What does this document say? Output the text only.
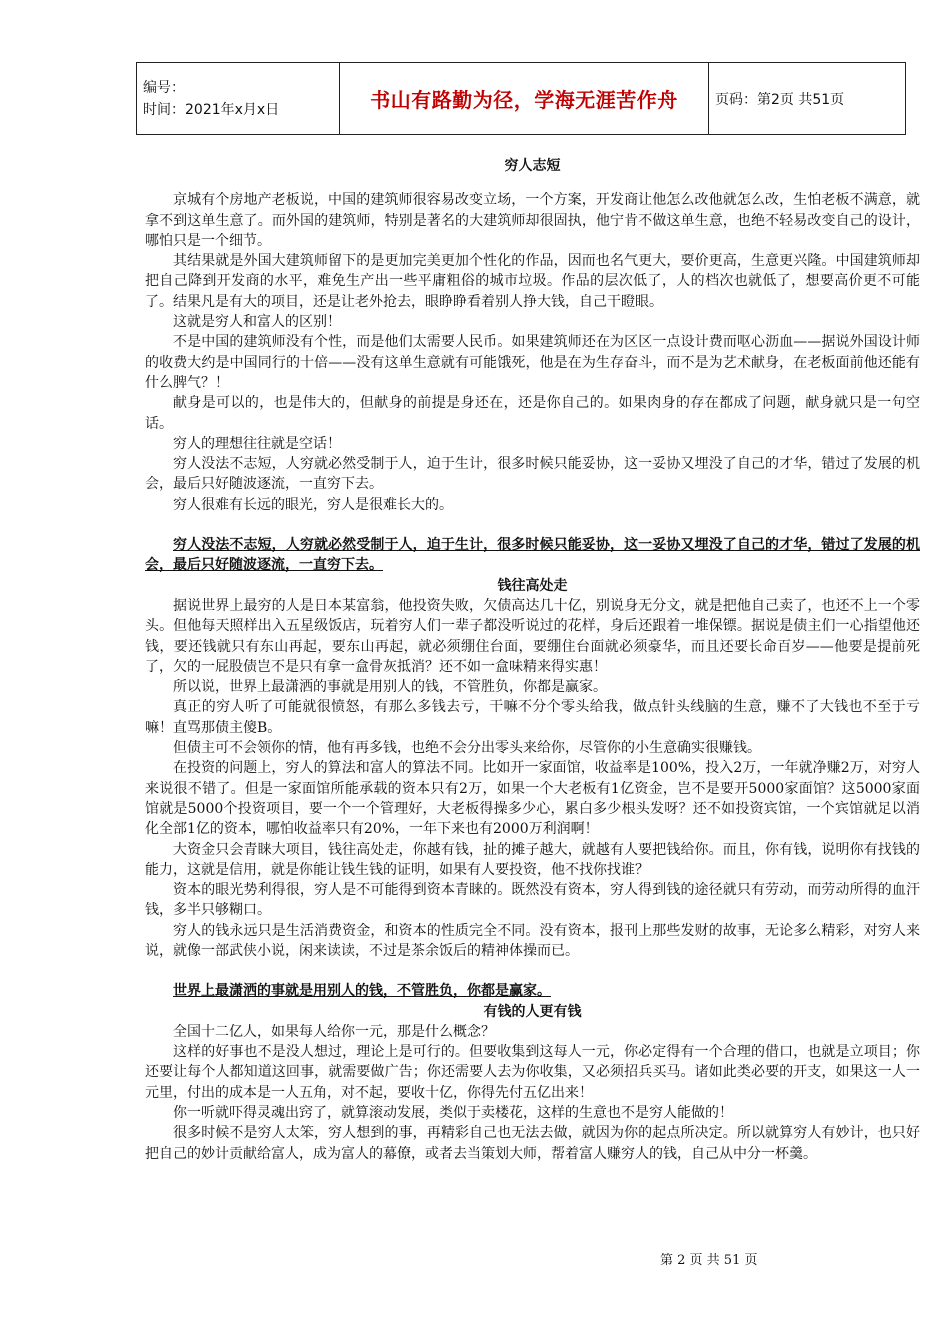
编号：
时间：2021年x月x日	书山有路勤为径，学海无涯苦作舟	页码：第2页 共51页
穷人志短

京城有个房地产老板说，中国的建筑师很容易改变立场，一个方案，开发商让他怎么改他就怎么改，生怕老板不满意，就拿不到这单生意了。而外国的建筑师，特别是著名的大建筑师却很固执，他宁肯不做这单生意，也绝不轻易改变自己的设计，哪怕只是一个细节。

其结果就是外国大建筑师留下的是更加完美更加个性化的作品，因而也名气更大，要价更高，生意更兴隆。中国建筑师却把自己降到开发商的水平，难免生产出一些平庸粗俗的城市垃圾。作品的层次低了，人的档次也就低了，想要高价更不可能了。结果凡是有大的项目，还是让老外抢去，眼睁睁看着别人挣大钱，自己干瞪眼。

这就是穷人和富人的区别！

不是中国的建筑师没有个性，而是他们太需要人民币。如果建筑师还在为区区一点设计费而呕心沥血——据说外国设计师的收费大约是中国同行的十倍——没有这单生意就有可能饿死，他是在为生存奋斗，而不是为艺术献身，在老板面前他还能有什么脾气？！

献身是可以的，也是伟大的，但献身的前提是身还在，还是你自己的。如果肉身的存在都成了问题，献身就只是一句空话。

穷人的理想往往就是空话！

穷人没法不志短，人穷就必然受制于人，迫于生计，很多时候只能妥协，这一妥协又埋没了自己的才华，错过了发展的机会，最后只好随波逐流，一直穷下去。

穷人很难有长远的眼光，穷人是很难长大的。

穷人没法不志短，人穷就必然受制于人，迫于生计，很多时候只能妥协，这一妥协又埋没了自己的才华，错过了发展的机会，最后只好随波逐流，一直穷下去。

钱往高处走

据说世界上最穷的人是日本某富翁，他投资失败，欠债高达几十亿，别说身无分文，就是把他自己卖了，也还不上一个零头。但他每天照样出入五星级饭店，玩着穷人们一辈子都没听说过的花样，身后还跟着一堆保镖。据说是债主们一心指望他还钱，要还钱就只有东山再起，要东山再起，就必须绷住台面，要绷住台面就必须豪华，而且还要长命百岁——他要是提前死了，欠的一屁股债岂不是只有拿一盒骨灰抵消？还不如一盒味精来得实惠！

所以说，世界上最潇洒的事就是用别人的钱，不管胜负，你都是赢家。

真正的穷人听了可能就很愤怒，有那么多钱去亏，干嘛不分个零头给我，做点针头线脑的生意，赚不了大钱也不至于亏嘛！直骂那债主傻B。

但债主可不会领你的情，他有再多钱，也绝不会分出零头来给你，尽管你的小生意确实很赚钱。

在投资的问题上，穷人的算法和富人的算法不同。比如开一家面馆，收益率是100%，投入2万，一年就净赚2万，对穷人来说很不错了。但是一家面馆所能承载的资本只有2万，如果一个大老板有1亿资金，岂不是要开5000家面馆？这5000家面馆就是5000个投资项目，要一个一个管理好，大老板得操多少心，累白多少根头发呀？还不如投资宾馆，一个宾馆就足以消化全部1亿的资本，哪怕收益率只有20%，一年下来也有2000万利润啊！

大资金只会青睐大项目，钱往高处走，你越有钱，扯的摊子越大，就越有人要把钱给你。而且，你有钱，说明你有找钱的能力，这就是信用，就是你能让钱生钱的证明，如果有人要投资，他不找你找谁？

资本的眼光势利得很，穷人是不可能得到资本青睐的。既然没有资本，穷人得到钱的途径就只有劳动，而劳动所得的血汗钱，多半只够糊口。

穷人的钱永远只是生活消费资金，和资本的性质完全不同。没有资本，报刊上那些发财的故事，无论多么精彩，对穷人来说，就像一部武侠小说，闲来读读，不过是茶余饭后的精神体操而已。

世界上最潇洒的事就是用别人的钱，不管胜负，你都是赢家。

有钱的人更有钱

全国十二亿人，如果每人给你一元，那是什么概念？

这样的好事也不是没人想过，理论上是可行的。但要收集到这每人一元，你必定得有一个合理的借口，也就是立项目；你还要让每个人都知道这回事，就需要做广告；你还需要人去为你收集，又必须招兵买马。诸如此类必要的开支，如果这一人一元里，付出的成本是一人五角，对不起，要收十亿，你得先付五亿出来！

你一听就吓得灵魂出窍了，就算滚动发展，类似于卖楼花，这样的生意也不是穷人能做的！

很多时候不是穷人太笨，穷人想到的事，再精彩自己也无法去做，就因为你的起点所决定。所以就算穷人有妙计，也只好把自己的妙计贡献给富人，成为富人的幕僚，或者去当策划大师，帮着富人赚穷人的钱，自己从中分一杯羹。

第 2 页 共 51 页
